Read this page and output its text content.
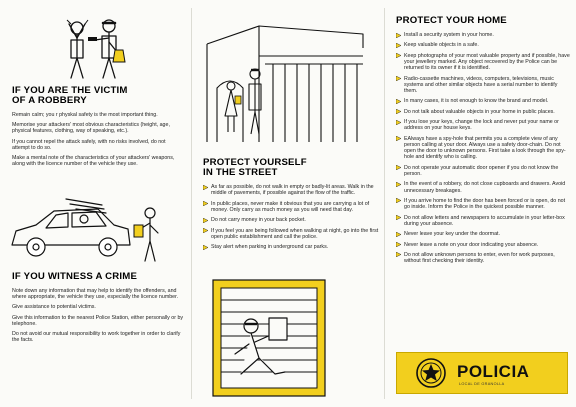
IF YOU ARE THE VICTIM
OF A ROBBERY

Remain calm; you r physkal safety is the most important thing.

Memorise your attackers' most obvious characteristics (height, age, physical features, clothing, way of speaking, etc.).

If you cannot repel the attack safely, with no risks involved, do not attempt to do so.

Make a mental note of the characteristics of your attackers' weapons, along with the licence number of the vehicle they use.

IF YOU WITNESS A CRIME

Note down any information that may help to identify the offenders, and where appropriate, the vehicle they use, especially the licence number.

Give assistance to potential victims.

Give this information to the nearest Police Station, either personally or by telephone.

Do not avoid our mutual responsibility to work together in order to clarify the facts.

PROTECT YOURSELF
IN THE STREET
As far as possible, do not walk in empty or badly-lit areas. Walk in the middle of pavements, if possible against the flow of the traffic.
In public places, never make it obvious that you are carrying a lot of money. Only carry as much money as you will need that day.
Do not carry money in your back pocket.
If you feel you are being followed when walking at night, go into the first open public establishment and call the police.
Stay alert when parking in underground car parks.
PROTECT YOUR HOME
Install a security system in your home.
Keep valuable objects in a safe.
Keep photographs of your most valuable property and if possible, have your jewellery marked. Any object recovered by the Police can be returned to its owner if it is identified.
Radio-cassette machines, videos, computers, televisions, music systems and other similar objects have a serial number to identify them.
In many cases, it is not enough to know the brand and model.
Do not talk about valuable objects in your home in public places.
If you lose your keys, change the lock and never put your name or address on your house keys.
EAlways have a spy-hole that permits you a complete view of any person calling at your door. Always use a safety door-chain. Do not open the door to unknown persons. First take a look through the spy-hole and identify who is calling.
Do not operate your automatic door opener if you do not know the person.
In the event of a robbery, do not close cupboards and drawers. Avoid unnecessary breakages.
If you arrive home to find the door has been forced or is open, do not go inside. Inform the Police in the quickest possible manner.
Do not allow letters and newspapers to accumulate in your letter-box during your absence.
Never leave your key under the doormat.
Never leave a note on your door indicating your absence.
Do not allow unknown persons to enter, even for work purposes, without first checking their identity.
POLICIA
LOCAL DE GRANOLLA
